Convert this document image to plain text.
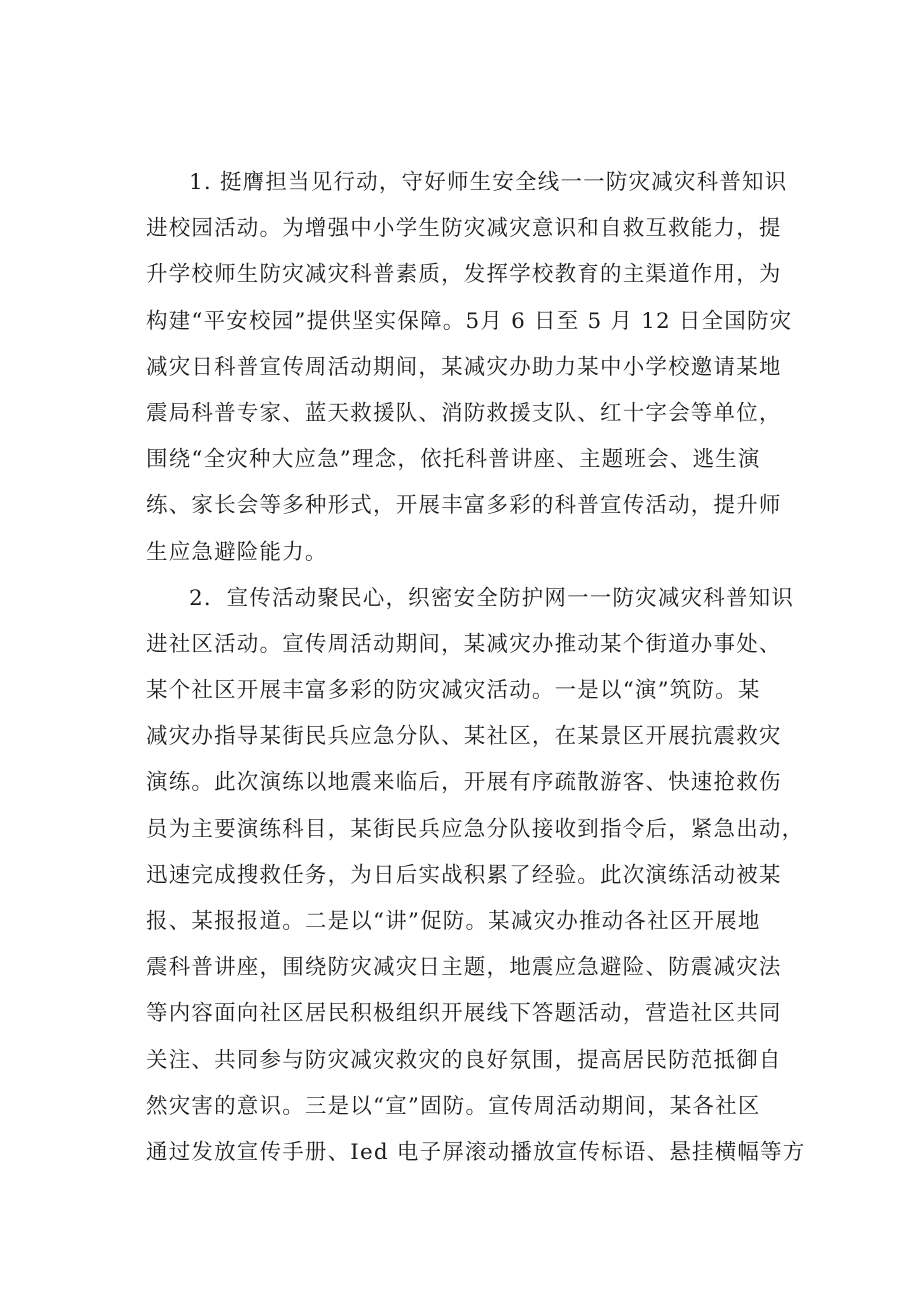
1. 挺膺担当见行动，守好师生安全线一一防灾减灾科普知识
进校园活动。为增强中小学生防灾减灾意识和自救互救能力，提
升学校师生防灾减灾科普素质，发挥学校教育的主渠道作用，为
构建“平安校园”提供坚实保障。5月 6 日至 5 月 12 日全国防灾
减灾日科普宣传周活动期间，某减灾办助力某中小学校邀请某地
震局科普专家、蓝天救援队、消防救援支队、红十字会等单位，
围绕“全灾种大应急”理念，依托科普讲座、主题班会、逃生演
练、家长会等多种形式，开展丰富多彩的科普宣传活动，提升师
生应急避险能力。
2．宣传活动聚民心，织密安全防护网一一防灾减灾科普知识
进社区活动。宣传周活动期间，某减灾办推动某个街道办事处、
某个社区开展丰富多彩的防灾减灾活动。一是以“演”筑防。某
减灾办指导某街民兵应急分队、某社区，在某景区开展抗震救灾
演练。此次演练以地震来临后，开展有序疏散游客、快速抢救伤
员为主要演练科目，某街民兵应急分队接收到指令后，紧急出动，
迅速完成搜救任务，为日后实战积累了经验。此次演练活动被某
报、某报报道。二是以“讲”促防。某减灾办推动各社区开展地
震科普讲座，围绕防灾减灾日主题，地震应急避险、防震减灾法
等内容面向社区居民积极组织开展线下答题活动，营造社区共同
关注、共同参与防灾减灾救灾的良好氛围，提高居民防范抵御自
然灾害的意识。三是以“宣”固防。宣传周活动期间，某各社区
通过发放宣传手册、Ied 电子屏滚动播放宣传标语、悬挂横幅等方
